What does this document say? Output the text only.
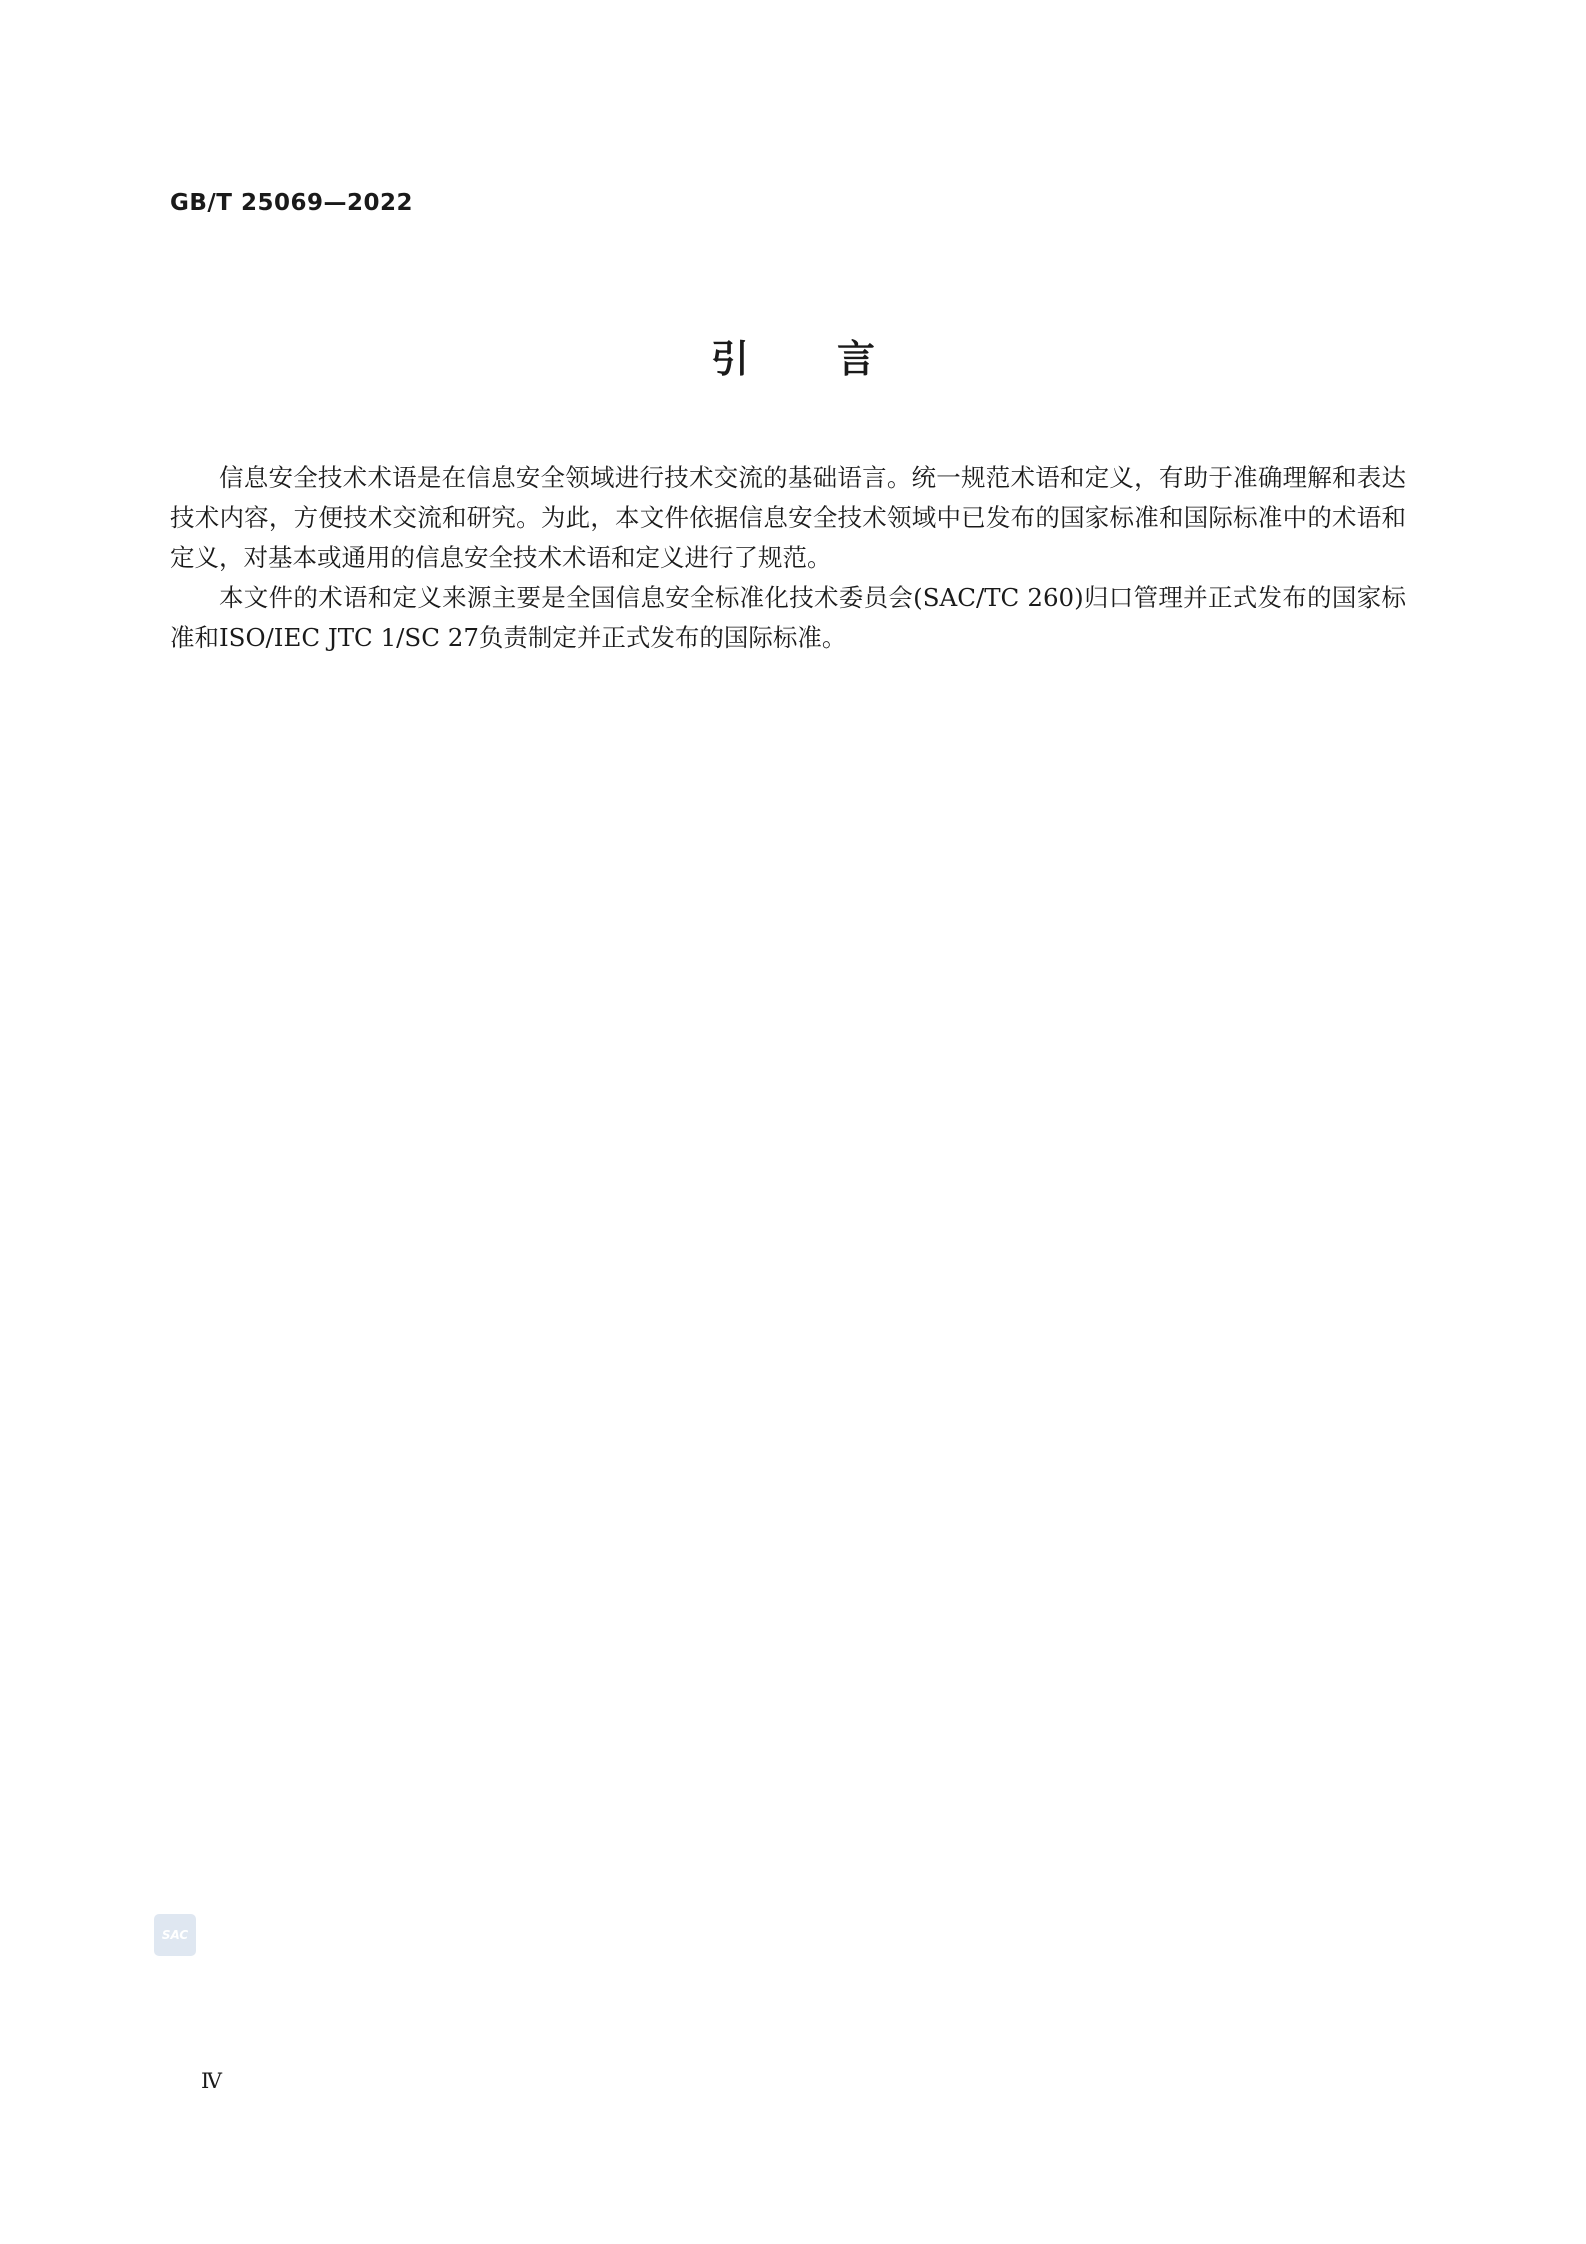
GB/T 25069—2022
引言

信息安全技术术语是在信息安全领域进行技术交流的基础语言。统一规范术语和定义，有助于准确理解和表达技术内容，方便技术交流和研究。为此，本文件依据信息安全技术领域中已发布的国家标准和国际标准中的术语和定义，对基本或通用的信息安全技术术语和定义进行了规范。

本文件的术语和定义来源主要是全国信息安全标准化技术委员会(SAC/TC 260)归口管理并正式发布的国家标准和ISO/IEC JTC 1/SC 27负责制定并正式发布的国际标准。

SAC
Ⅳ
